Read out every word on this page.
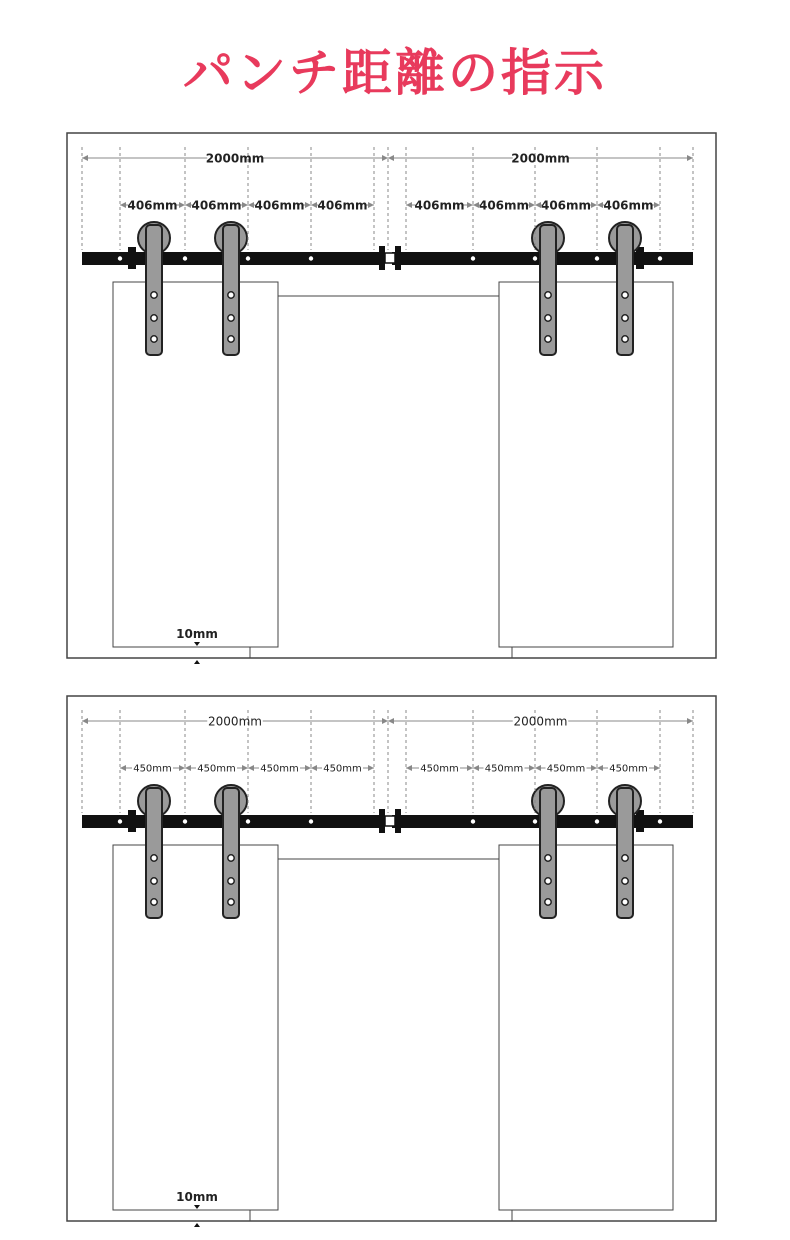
パンチ距離の指示
2000mm	2000mm
406mm 406mm 406mm 406mm	406mm 406mm 406mm 406mm
10mm
2000mm	2000mm
450mm	450mm 450mm 450mm	450mm	450mm 450mm 450mm
10mm
